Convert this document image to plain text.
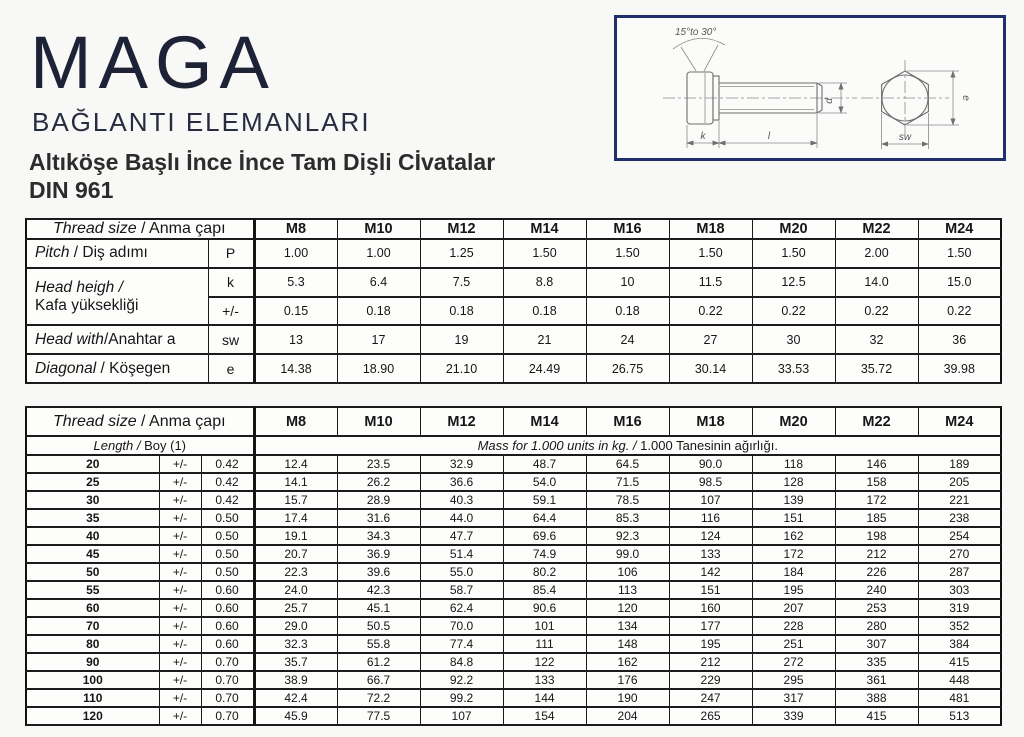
MAGA
BAĞLANTI ELEMANLARI
Altıköşe Başlı İnce İnce Tam Dişli Cİvatalar
DIN 961
15°to 30°
d
k	l
e
sw
Thread size / Anma çapı		M8	M10	M12	M14	M16	M18	M20	M22	M24
Pitch / Diş adımı	P	1.00	1.00	1.25	1.50	1.50	1.50	1.50	2.00	1.50
Head heigh /
Kafa yüksekliği	k	5.3	6.4	7.5	8.8	10	11.5	12.5	14.0	15.0
	+/-	0.15	0.18	0.18	0.18	0.18	0.22	0.22	0.22	0.22
Head with/Anahtar a	sw	13	17	19	21	24	27	30	32	36
Diagonal / Köşegen	e	14.38	18.90	21.10	24.49	26.75	30.14	33.53	35.72	39.98
Thread size / Anma çapı			M8	M10	M12	M14	M16	M18	M20	M22	M24
Length / Boy (1)			Mass for 1.000 units in kg. / 1.000 Tanesinin ağırlığı.								
20	+/-	0.42	12.4	23.5	32.9	48.7	64.5	90.0	118	146	189
25	+/-	0.42	14.1	26.2	36.6	54.0	71.5	98.5	128	158	205
30	+/-	0.42	15.7	28.9	40.3	59.1	78.5	107	139	172	221
35	+/-	0.50	17.4	31.6	44.0	64.4	85.3	116	151	185	238
40	+/-	0.50	19.1	34.3	47.7	69.6	92.3	124	162	198	254
45	+/-	0.50	20.7	36.9	51.4	74.9	99.0	133	172	212	270
50	+/-	0.50	22.3	39.6	55.0	80.2	106	142	184	226	287
55	+/-	0.60	24.0	42.3	58.7	85.4	113	151	195	240	303
60	+/-	0.60	25.7	45.1	62.4	90.6	120	160	207	253	319
70	+/-	0.60	29.0	50.5	70.0	101	134	177	228	280	352
80	+/-	0.60	32.3	55.8	77.4	111	148	195	251	307	384
90	+/-	0.70	35.7	61.2	84.8	122	162	212	272	335	415
100	+/-	0.70	38.9	66.7	92.2	133	176	229	295	361	448
110	+/-	0.70	42.4	72.2	99.2	144	190	247	317	388	481
120	+/-	0.70	45.9	77.5	107	154	204	265	339	415	513
